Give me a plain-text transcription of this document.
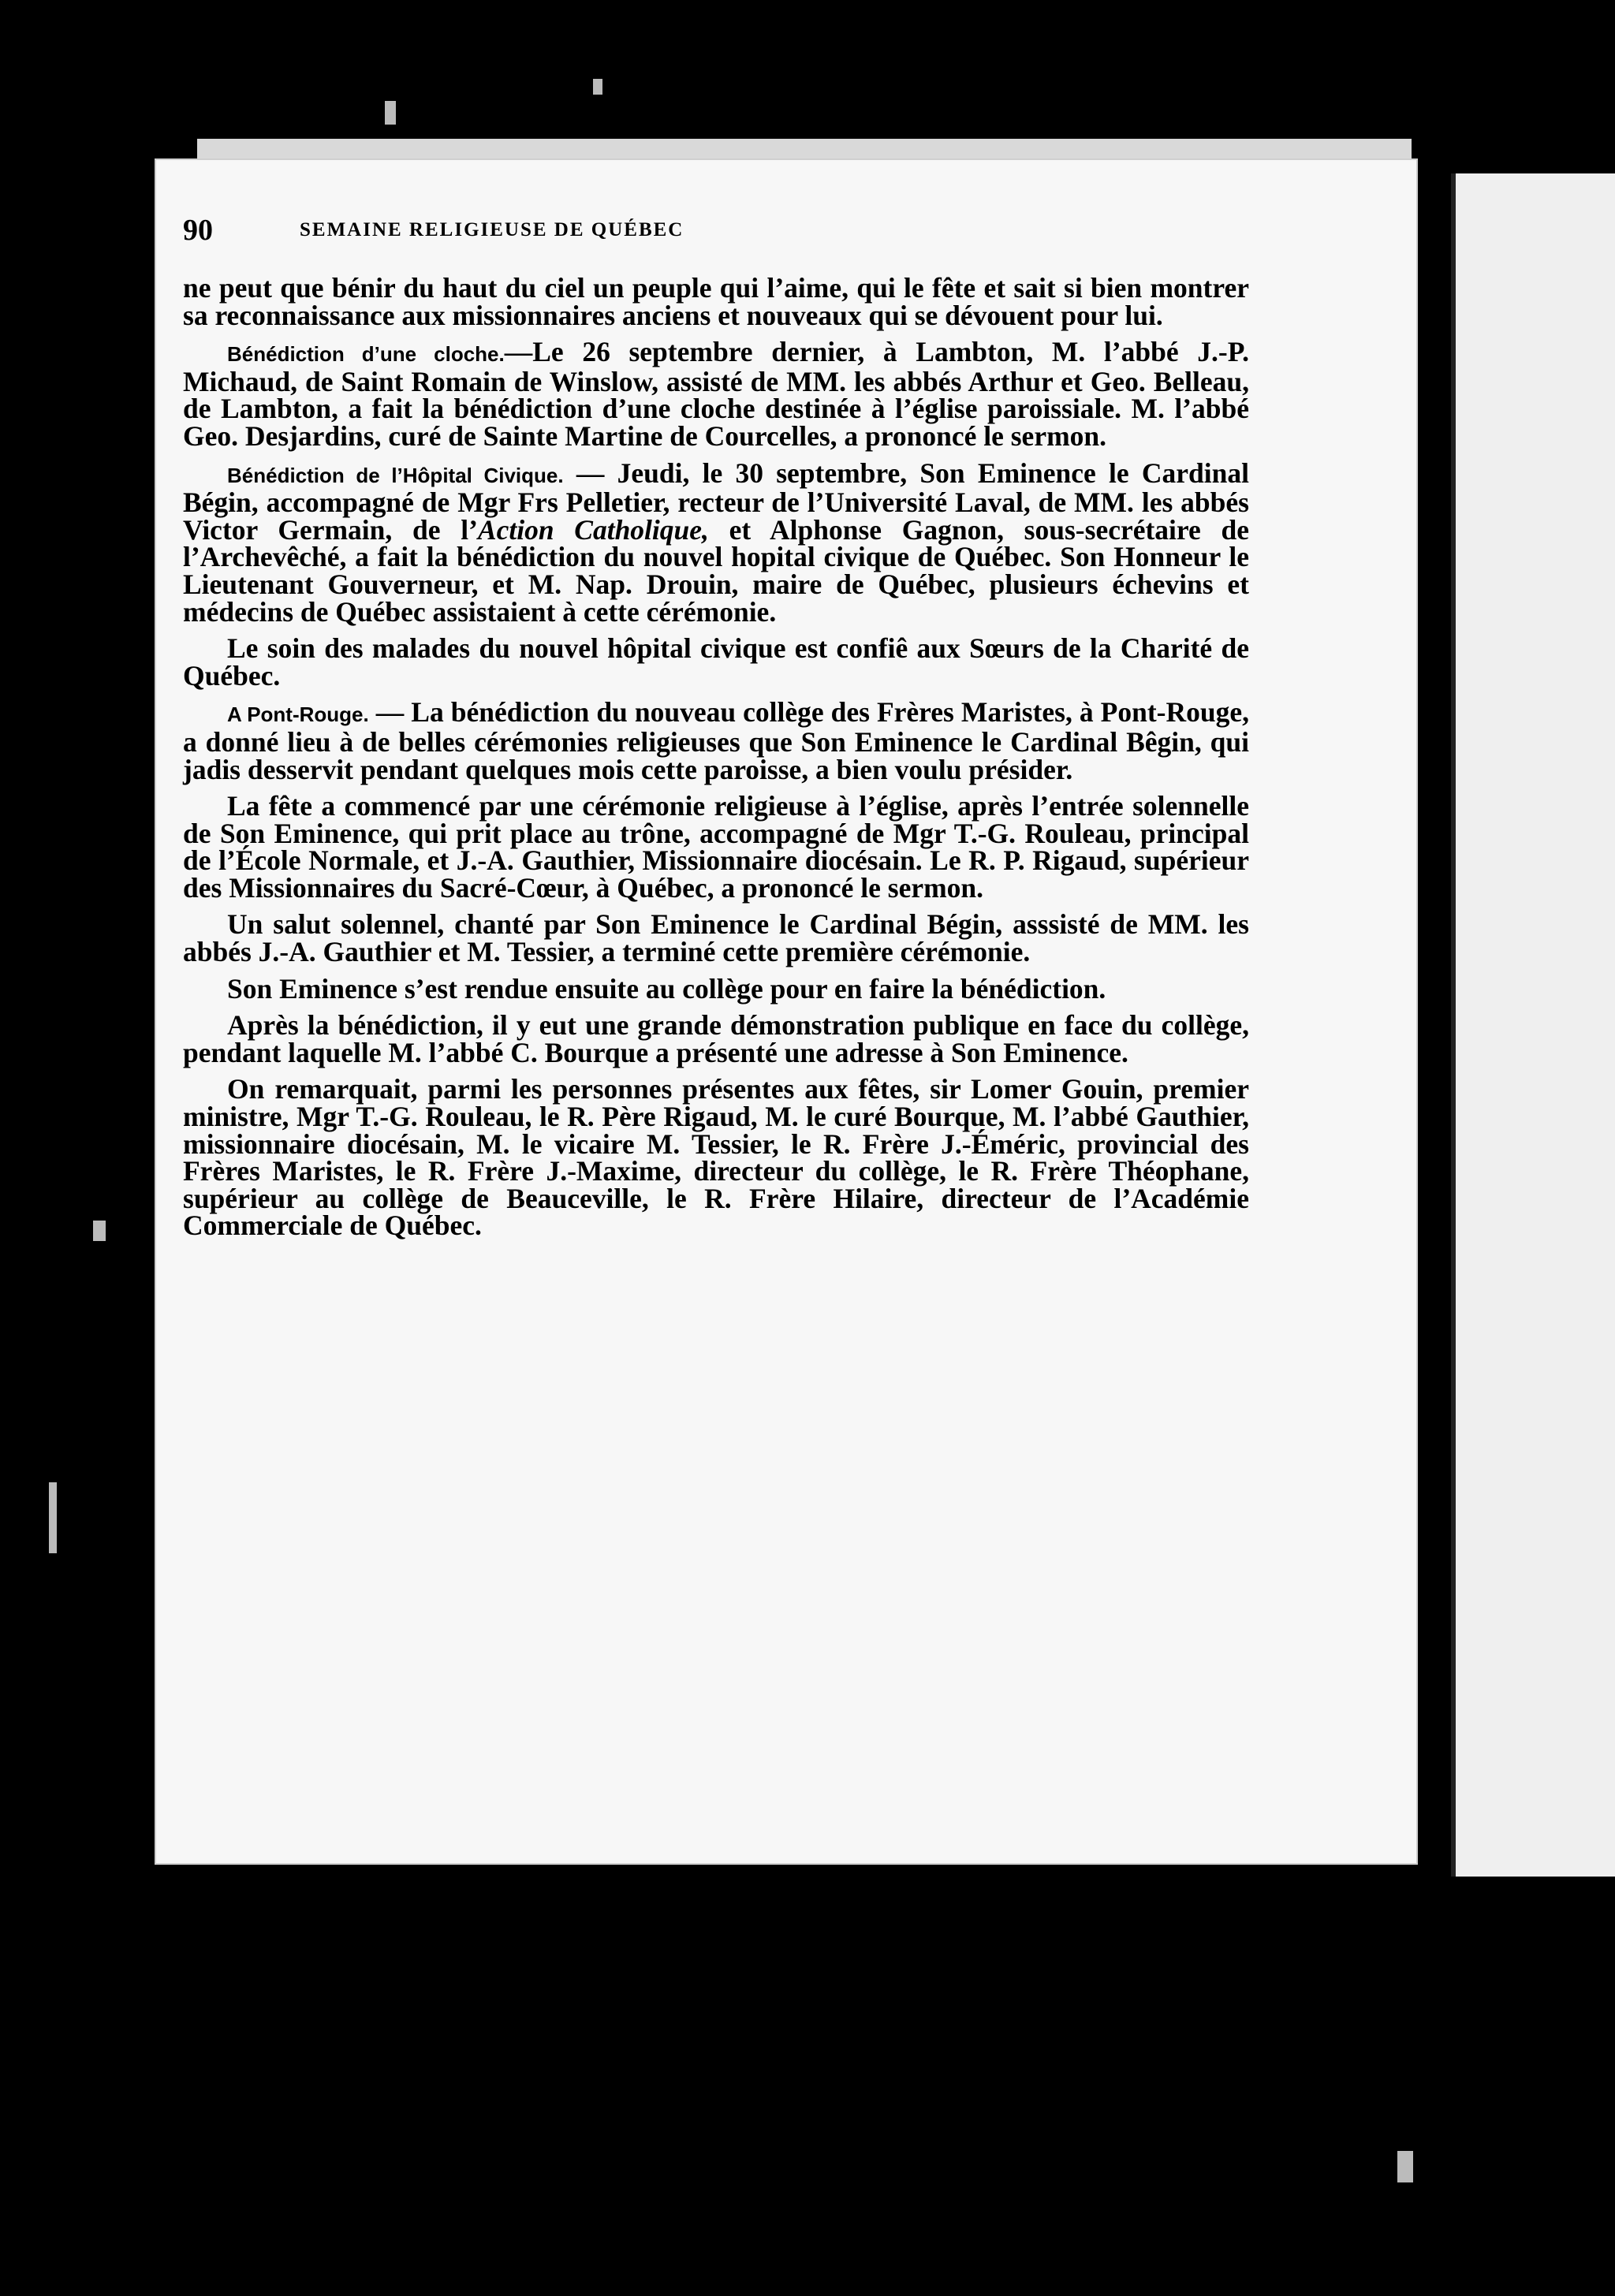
90	SEMAINE RELIGIEUSE DE QUÉBEC

ne peut que bénir du haut du ciel un peuple qui l’aime, qui le fête et sait si bien montrer sa reconnaissance aux missionnaires anciens et nouveaux qui se dévouent pour lui.

Bénédiction d’une cloche.—Le 26 septembre dernier, à Lambton, M. l’abbé J.-P. Michaud, de Saint Romain de Winslow, assisté de MM. les abbés Arthur et Geo. Belleau, de Lambton, a fait la bénédiction d’une cloche destinée à l’église paroissiale. M. l’abbé Geo. Desjardins, curé de Sainte Martine de Courcelles, a prononcé le sermon.

Bénédiction de l’Hôpital Civique. — Jeudi, le 30 septembre, Son Eminence le Cardinal Bégin, accompagné de Mgr Frs Pelletier, recteur de l’Université Laval, de MM. les abbés Victor Germain, de l’Action Catholique, et Alphonse Gagnon, sous-secrétaire de l’Archevêché, a fait la bénédiction du nouvel hopital civique de Québec. Son Honneur le Lieutenant Gouverneur, et M. Nap. Drouin, maire de Québec, plusieurs échevins et médecins de Québec assistaient à cette cérémonie.

Le soin des malades du nouvel hôpital civique est confiê aux Sœurs de la Charité de Québec.

A Pont-Rouge. — La bénédiction du nouveau collège des Frères Maristes, à Pont-Rouge, a donné lieu à de belles cérémonies religieuses que Son Eminence le Cardinal Bêgin, qui jadis desservit pendant quelques mois cette paroisse, a bien voulu présider.

La fête a commencé par une cérémonie religieuse à l’église, après l’entrée solennelle de Son Eminence, qui prit place au trône, accompagné de Mgr T.-G. Rouleau, principal de l’École Normale, et J.-A. Gauthier, Missionnaire diocésain. Le R. P. Rigaud, supérieur des Missionnaires du Sacré-Cœur, à Québec, a prononcé le sermon.

Un salut solennel, chanté par Son Eminence le Cardinal Bégin, asssisté de MM. les abbés J.-A. Gauthier et M. Tessier, a terminé cette première cérémonie.

Son Eminence s’est rendue ensuite au collège pour en faire la bénédiction.

Après la bénédiction, il y eut une grande démonstration publique en face du collège, pendant laquelle M. l’abbé C. Bourque a présenté une adresse à Son Eminence.

On remarquait, parmi les personnes présentes aux fêtes, sir Lomer Gouin, premier ministre, Mgr T.-G. Rouleau, le R. Père Rigaud, M. le curé Bourque, M. l’abbé Gauthier, missionnaire diocésain, M. le vicaire M. Tessier, le R. Frère J.-Éméric, provincial des Frères Maristes, le R. Frère J.-Maxime, directeur du collège, le R. Frère Théophane, supérieur au collège de Beauceville, le R. Frère Hilaire, directeur de l’Académie Commerciale de Québec.
